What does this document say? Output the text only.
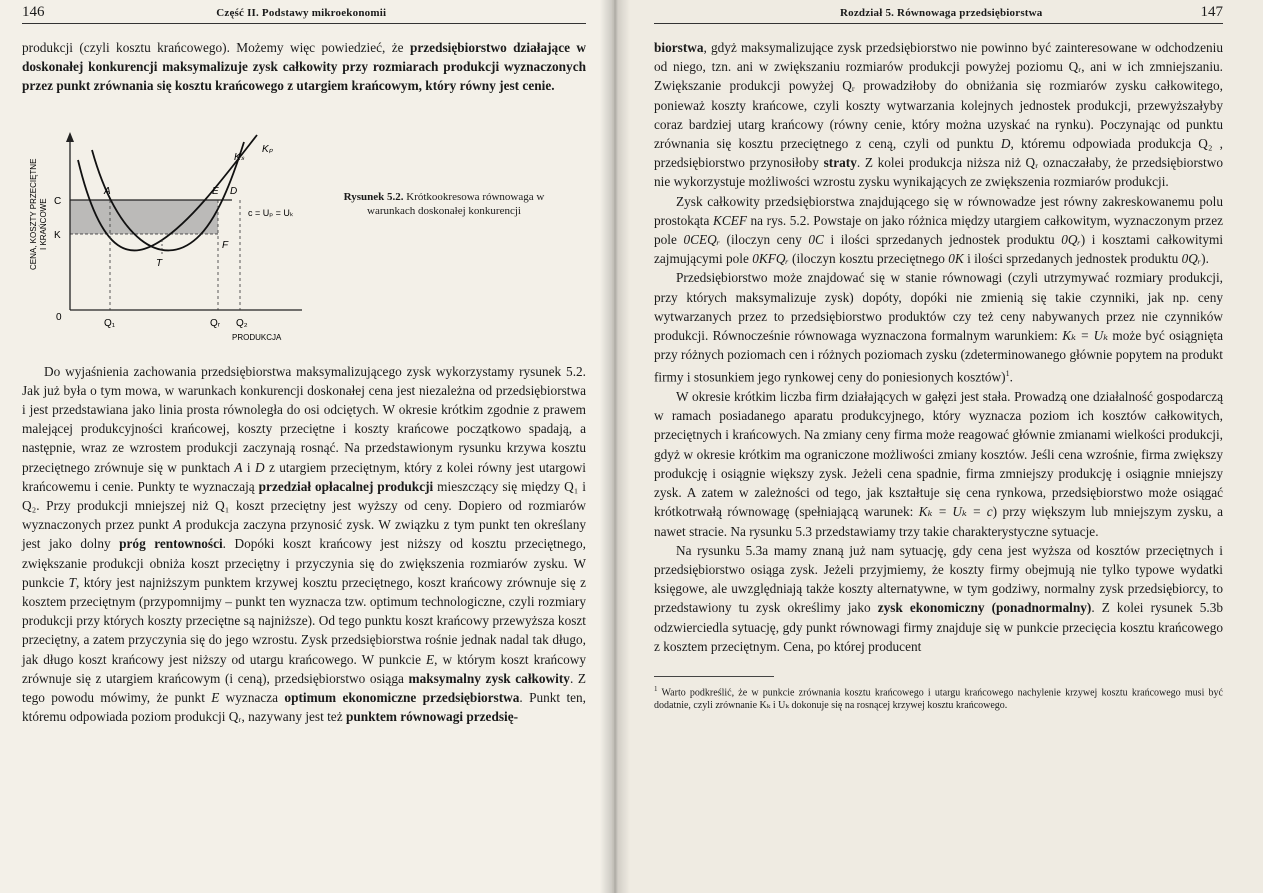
146	Część II. Podstawy mikroekonomii

produkcji (czyli kosztu krańcowego). Możemy więc powiedzieć, że przedsiębiorstwo działające w doskonałej konkurencji maksymalizuje zysk całkowity przy rozmiarach produkcji wyznaczonych przez punkt zrównania się kosztu krańcowego z utargiem krańcowym, który równy jest cenie.

CENA, KOSZTY PRZECIĘTNE I KRAŃCOWE C
K
0
Q₁	Qᵣ Q₂
PRODUKCJA
A	E D
T
F
Kₛ
Kₚ
c = Uₚ = Uₖ
Rysunek 5.2. Krótkookresowa równowaga w warunkach doskonałej konkurencji

Do wyjaśnienia zachowania przedsiębiorstwa maksymalizującego zysk wykorzystamy rysunek 5.2. Jak już była o tym mowa, w warunkach konkurencji doskonałej cena jest niezależna od przedsiębiorstwa i jest przedstawiana jako linia prosta równoległa do osi odciętych. W okresie krótkim zgodnie z prawem malejącej produkcyjności krańcowej, koszty przeciętne i koszty krańcowe początkowo spadają, a następnie, wraz ze wzrostem produkcji zaczynają rosnąć. Na przedstawionym rysunku krzywa kosztu przeciętnego zrównuje się w punktach A i D z utargiem przeciętnym, który z kolei równy jest utargowi krańcowemu i cenie. Punkty te wyznaczają przedział opłacalnej produkcji mieszczący się między Q₁ i Q₂. Przy produkcji mniejszej niż Q₁ koszt przeciętny jest wyższy od ceny. Dopiero od rozmiarów wyznaczonych przez punkt A produkcja zaczyna przynosić zysk. W związku z tym punkt ten określany jest jako dolny próg rentowności. Dopóki koszt krańcowy jest niższy od kosztu przeciętnego, zwiększanie produkcji obniża koszt przeciętny i przyczynia się do zwiększenia rozmiarów zysku. W punkcie T, który jest najniższym punktem krzywej kosztu przeciętnego, koszt krańcowy zrównuje się z kosztem przeciętnym (przypomnijmy – punkt ten wyznacza tzw. optimum technologiczne, czyli rozmiary produkcji przy których koszty przeciętne są najniższe). Od tego punktu koszt krańcowy przewyższa koszt przeciętny, a zatem przyczynia się do jego wzrostu. Zysk przedsiębiorstwa rośnie jednak nadal tak długo, jak długo koszt krańcowy jest niższy od utargu krańcowego. W punkcie E, w którym koszt krańcowy zrównuje się z utargiem krańcowym (i ceną), przedsiębiorstwo osiąga maksymalny zysk całkowity. Z tego powodu mówimy, że punkt E wyznacza optimum ekonomiczne przedsiębiorstwa. Punkt ten, któremu odpowiada poziom produkcji Qᵣ, nazywany jest też punktem równowagi przedsię-

Rozdział 5. Równowaga przedsiębiorstwa	147

biorstwa, gdyż maksymalizujące zysk przedsiębiorstwo nie powinno być zainteresowane w odchodzeniu od niego, tzn. ani w zwiększaniu rozmiarów produkcji powyżej poziomu Qᵣ, ani w ich zmniejszaniu. Zwiększanie produkcji powyżej Qᵣ prowadziłoby do obniżania się rozmiarów zysku całkowitego, ponieważ koszty krańcowe, czyli koszty wytwarzania kolejnych jednostek produkcji, przewyższałyby coraz bardziej utarg krańcowy (równy cenie, który można uzyskać na rynku). Poczynając od punktu zrównania się kosztu przeciętnego z ceną, czyli od punktu D, któremu odpowiada produkcja Q₂ , przedsiębiorstwo przynosiłoby straty. Z kolei produkcja niższa niż Qᵣ oznaczałaby, że przedsiębiorstwo nie wykorzystuje możliwości wzrostu zysku wynikających ze zwiększenia rozmiarów produkcji.

Zysk całkowity przedsiębiorstwa znajdującego się w równowadze jest równy zakreskowanemu polu prostokąta KCEF na rys. 5.2. Powstaje on jako różnica między utargiem całkowitym, wyznaczonym przez pole 0CEQᵣ (iloczyn ceny 0C i ilości sprzedanych jednostek produktu 0Qᵣ) i kosztami całkowitymi zajmującymi pole 0KFQᵣ (iloczyn kosztu przeciętnego 0K i ilości sprzedanych jednostek produktu 0Qᵣ).

Przedsiębiorstwo może znajdować się w stanie równowagi (czyli utrzymywać rozmiary produkcji, przy których maksymalizuje zysk) dopóty, dopóki nie zmienią się takie czynniki, jak np. ceny wytwarzanych przez to przedsiębiorstwo produktów czy też ceny nabywanych przez nie czynników produkcji. Równocześnie równowaga wyznaczona formalnym warunkiem: Kₖ = Uₖ może być osiągnięta przy różnych poziomach cen i różnych poziomach zysku (zdeterminowanego głównie popytem na produkt firmy i stosunkiem jego rynkowej ceny do poniesionych kosztów)$^1$.

W okresie krótkim liczba firm działających w gałęzi jest stała. Prowadzą one działalność gospodarczą w ramach posiadanego aparatu produkcyjnego, który wyznacza poziom ich kosztów całkowitych, przeciętnych i krańcowych. Na zmiany ceny firma może reagować głównie zmianami wielkości produkcji, gdyż w okresie krótkim ma ograniczone możliwości zmiany kosztów. Jeśli cena wzrośnie, firma zwiększy produkcję i osiągnie większy zysk. Jeżeli cena spadnie, firma zmniejszy produkcję i osiągnie mniejszy zysk. A zatem w zależności od tego, jak kształtuje się cena rynkowa, przedsiębiorstwo może osiągać krótkotrwałą równowagę (spełniającą warunek: Kₖ = Uₖ = c) przy większym lub mniejszym zysku, a nawet stracie. Na rysunku 5.3 przedstawiamy trzy takie charakterystyczne sytuacje.

Na rysunku 5.3a mamy znaną już nam sytuację, gdy cena jest wyższa od kosztów przeciętnych i przedsiębiorstwo osiąga zysk. Jeżeli przyjmiemy, że koszty firmy obejmują nie tylko typowe wydatki księgowe, ale uwzględniają także koszty alternatywne, w tym godziwy, normalny zysk przedsiębiorcy, to przedstawiony tu zysk określimy jako zysk ekonomiczny (ponadnormalny). Z kolei rysunek 5.3b odzwierciedla sytuację, gdy punkt równowagi firmy znajduje się w punkcie przecięcia kosztu krańcowego z kosztem przeciętnym. Cena, po której producent

$^1$ Warto podkreślić, że w punkcie zrównania kosztu krańcowego i utargu krańcowego nachylenie krzywej kosztu krańcowego musi być dodatnie, czyli zrównanie Kₖ i Uₖ dokonuje się na rosnącej krzywej kosztu krańcowego.
